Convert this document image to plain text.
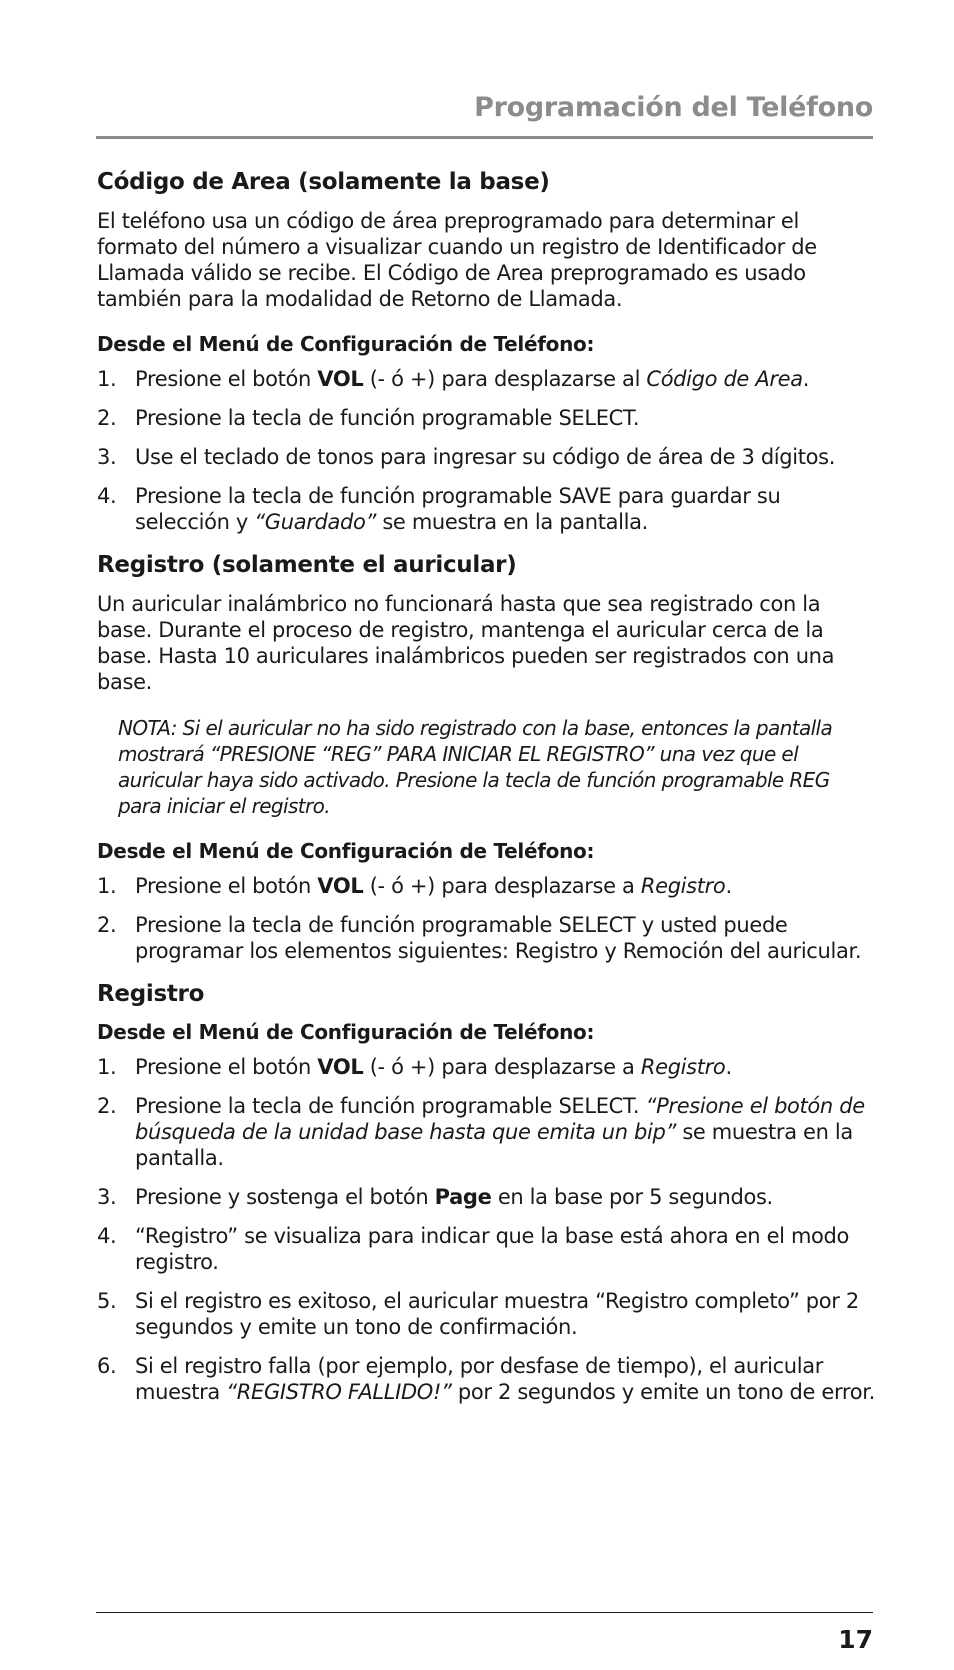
Programación del Teléfono
Código de Area (solamente la base)

El teléfono usa un código de área preprogramado para determinar el formato del número a visualizar cuando un registro de Identificador de Llamada válido se recibe. El Código de Area preprogramado es usado también para la modalidad de Retorno de Llamada.

Desde el Menú de Configuración de Teléfono:
1. Presione el botón VOL (- ó +) para desplazarse al Código de Area.
2. Presione la tecla de función programable SELECT.
3. Use el teclado de tonos para ingresar su código de área de 3 dígitos.
4. Presione la tecla de función programable SAVE para guardar su selección y “Guardado” se muestra en la pantalla.
Registro (solamente el auricular)

Un auricular inalámbrico no funcionará hasta que sea registrado con la base. Durante el proceso de registro, mantenga el auricular cerca de la base. Hasta 10 auriculares inalámbricos pueden ser registrados con una base.

NOTA: Si el auricular no ha sido registrado con la base, entonces la pantalla mostrará “PRESIONE “REG” PARA INICIAR EL REGISTRO” una vez que el auricular haya sido activado. Presione la tecla de función programable REG para iniciar el registro.

Desde el Menú de Configuración de Teléfono:
1. Presione el botón VOL (- ó +) para desplazarse a Registro.
2. Presione la tecla de función programable SELECT y usted puede programar los elementos siguientes: Registro y Remoción del auricular.
Registro
Desde el Menú de Configuración de Teléfono:
1. Presione el botón VOL (- ó +) para desplazarse a Registro.
2. Presione la tecla de función programable SELECT. “Presione el botón de búsqueda de la unidad base hasta que emita un bip” se muestra en la pantalla.
3. Presione y sostenga el botón Page en la base por 5 segundos.
4. “Registro” se visualiza para indicar que la base está ahora en el modo registro.
5. Si el registro es exitoso, el auricular muestra “Registro completo” por 2 segundos y emite un tono de confirmación.
6. Si el registro falla (por ejemplo, por desfase de tiempo), el auricular muestra “REGISTRO FALLIDO!” por 2 segundos y emite un tono de error.
17
